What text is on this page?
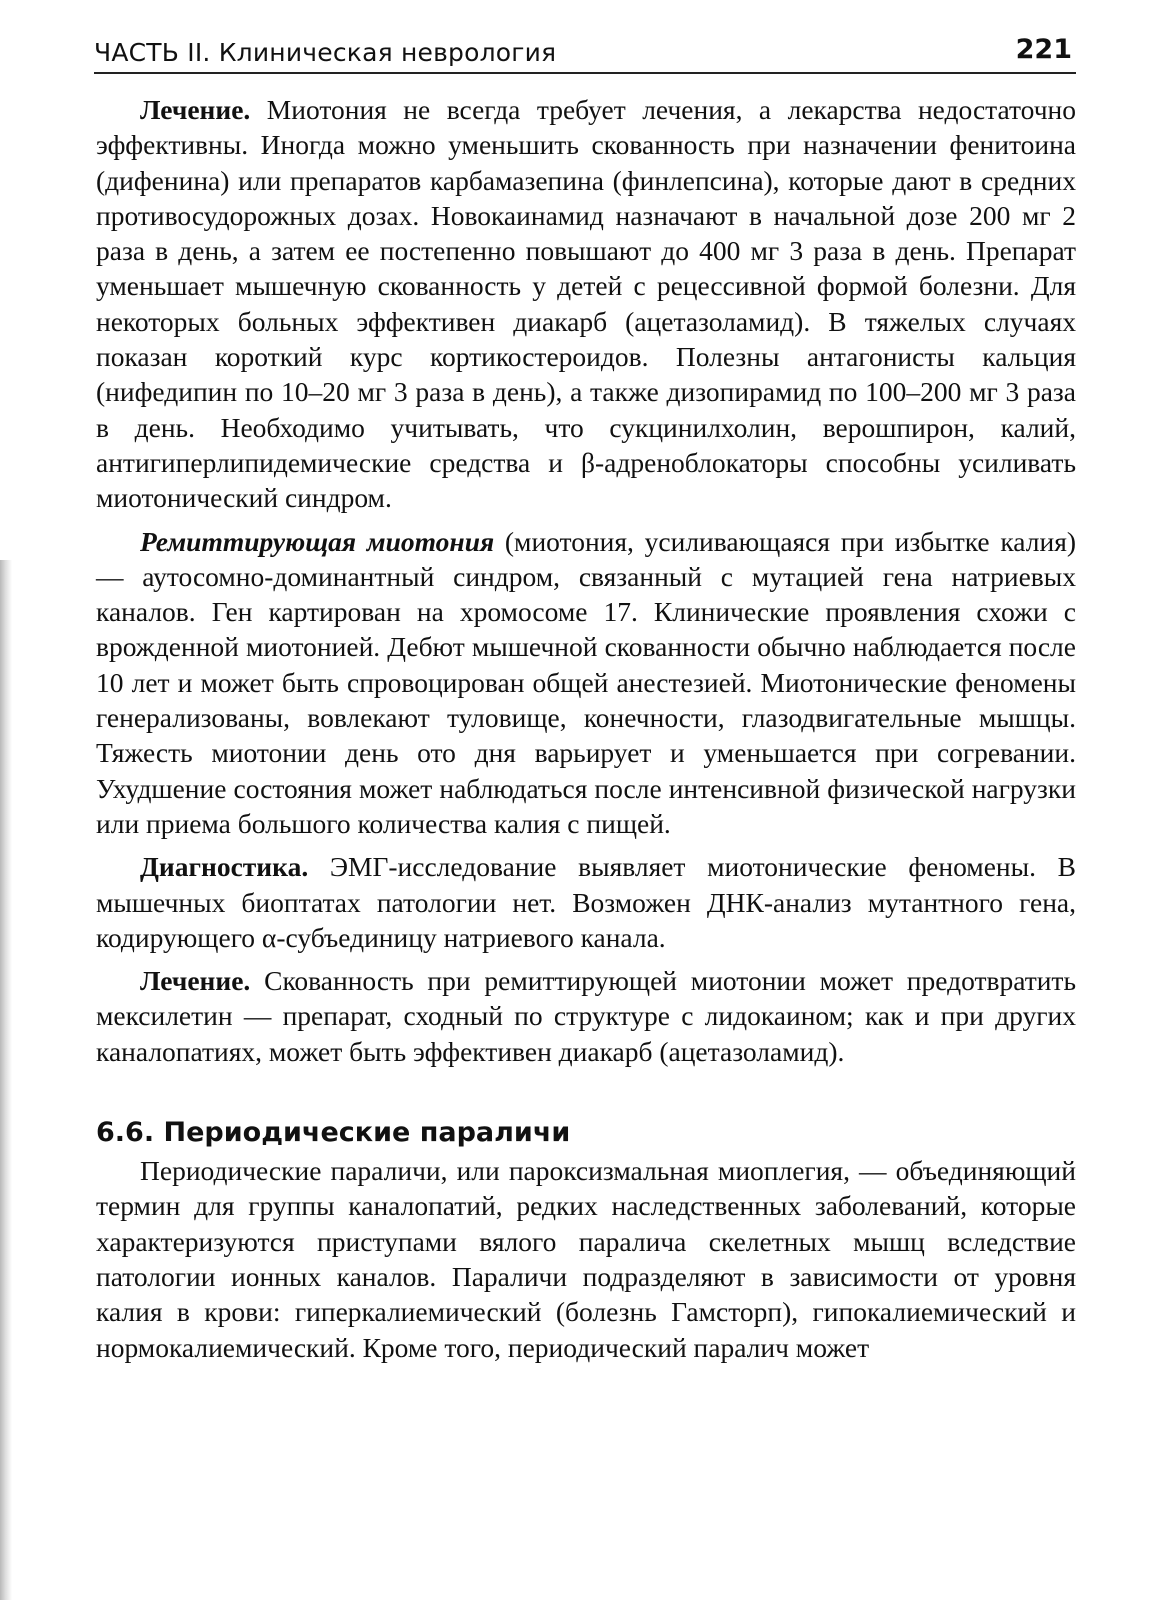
ЧАСТЬ II. Клиническая неврология	221

Лечение. Миотония не всегда требует лечения, а лекарства недостаточно эффективны. Иногда можно уменьшить скованность при назначении фенитоина (дифенина) или препаратов карбамазепина (финлепсина), которые дают в средних противосудорожных дозах. Новокаинамид назначают в начальной дозе 200 мг 2 раза в день, а затем ее постепенно повышают до 400 мг 3 раза в день. Препарат уменьшает мышечную скованность у детей с рецессивной формой болезни. Для некоторых больных эффективен диакарб (ацетазоламид). В тяжелых случаях показан короткий курс кортикостероидов. Полезны антагонисты кальция (нифедипин по 10–20 мг 3 раза в день), а также дизопирамид по 100–200 мг 3 раза в день. Необходимо учитывать, что сукцинилхолин, верошпирон, калий, антигиперлипидемические средства и β-адреноблокаторы способны усиливать миотонический синдром.

Ремиттирующая миотония (миотония, усиливающаяся при избытке калия) — аутосомно-доминантный синдром, связанный с мутацией гена натриевых каналов. Ген картирован на хромосоме 17. Клинические проявления схожи с врожденной миотонией. Дебют мышечной скованности обычно наблюдается после 10 лет и может быть спровоцирован общей анестезией. Миотонические феномены генерализованы, вовлекают туловище, конечности, глазодвигательные мышцы. Тяжесть миотонии день ото дня варьирует и уменьшается при согревании. Ухудшение состояния может наблюдаться после интенсивной физической нагрузки или приема большого количества калия с пищей.

Диагностика. ЭМГ-исследование выявляет миотонические феномены. В мышечных биоптатах патологии нет. Возможен ДНК-анализ мутантного гена, кодирующего α-субъединицу натриевого канала.

Лечение. Скованность при ремиттирующей миотонии может предотвратить мексилетин — препарат, сходный по структуре с лидокаином; как и при других каналопатиях, может быть эффективен диакарб (ацетазоламид).

6.6. Периодические параличи

Периодические параличи, или пароксизмальная миоплегия, — объединяющий термин для группы каналопатий, редких наследственных заболеваний, которые характеризуются приступами вялого паралича скелетных мышц вследствие патологии ионных каналов. Параличи подразделяют в зависимости от уровня калия в крови: гиперкалиемический (болезнь Гамсторп), гипокалиемический и нормокалиемический. Кроме того, периодический паралич может
